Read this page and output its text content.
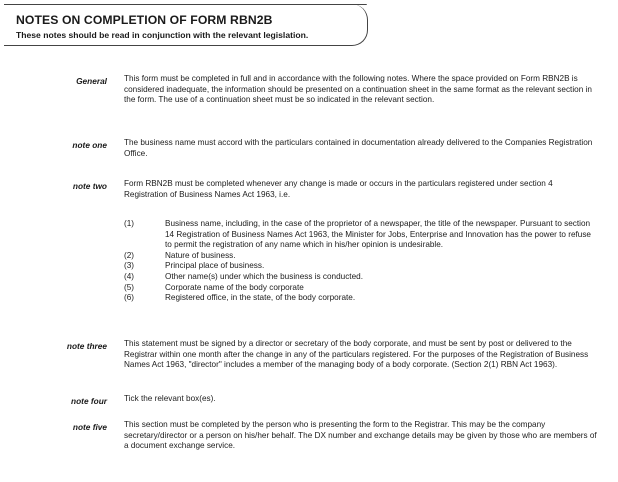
NOTES ON COMPLETION OF FORM RBN2B
These notes should be read in conjunction with the relevant legislation.
General This form must be completed in full and in accordance with the following notes. Where the space provided on Form RBN2B is considered inadequate, the information should be presented on a continuation sheet in the same format as the relevant section in the form. The use of a continuation sheet must be so indicated in the relevant section.
note one The business name must accord with the particulars contained in documentation already delivered to the Companies Registration Office.
note two Form RBN2B must be completed whenever any change is made or occurs in the particulars registered under section 4 Registration of Business Names Act 1963, i.e.
(1)	Business name, including, in the case of the proprietor of a newspaper, the title of the newspaper. Pursuant to section 14 Registration of Business Names Act 1963, the Minister for Jobs, Enterprise and Innovation has the power to refuse to permit the registration of any name which in his/her opinion is undesirable.
(2)	Nature of business.
(3)	Principal place of business.
(4)	Other name(s) under which the business is conducted.
(5)	Corporate name of the body corporate
(6)	Registered office, in the state, of the body corporate.
note three This statement must be signed by a director or secretary of the body corporate, and must be sent by post or delivered to the Registrar within one month after the change in any of the particulars registered. For the purposes of the Registration of Business Names Act 1963, "director" includes a member of the managing body of a body corporate. (Section 2(1) RBN Act 1963).
note four Tick the relevant box(es).
note five This section must be completed by the person who is presenting the form to the Registrar. This may be the company secretary/director or a person on his/her behalf. The DX number and exchange details may be given by those who are members of a document exchange service.
